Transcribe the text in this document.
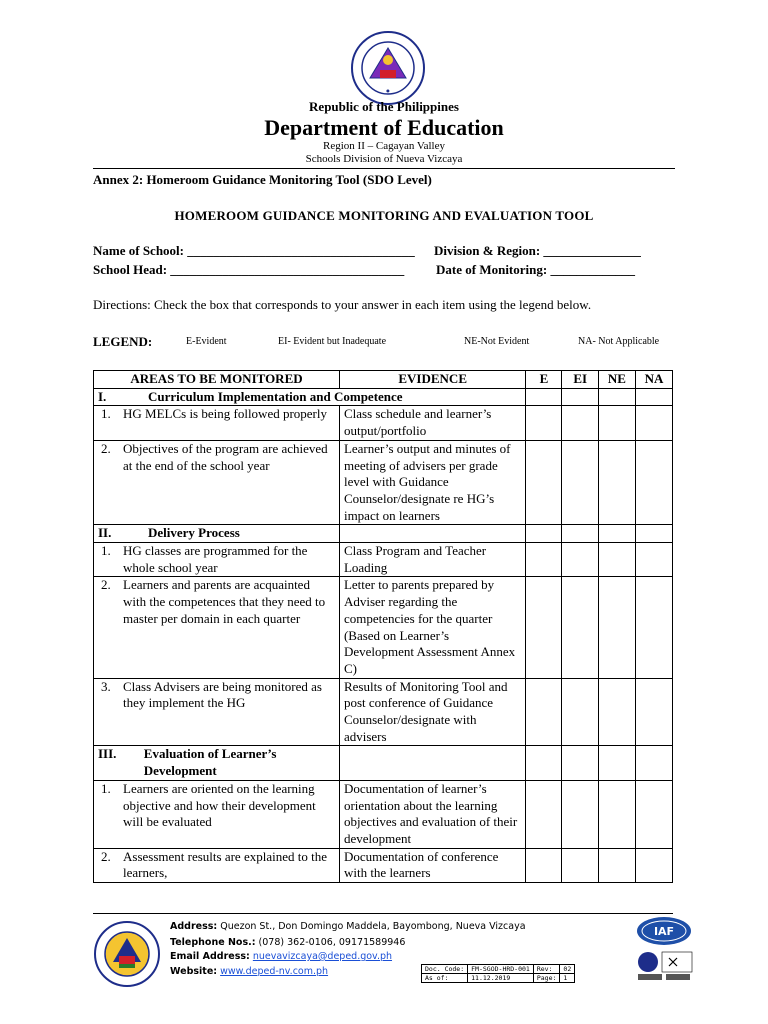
●
Republic of the Philippines
Department of Education
Region II – Cagayan Valley
Schools Division of Nueva Vizcaya
Annex 2: Homeroom Guidance Monitoring Tool (SDO Level)
HOMEROOM GUIDANCE MONITORING AND EVALUATION TOOL
Name of School: ___________________________________ Division & Region: _______________
School Head: ____________________________________ Date of Monitoring: _____________
Directions: Check the box that corresponds to your answer in each item using the legend below.
LEGEND:	E-Evident	EI- Evident but Inadequate	NE-Not Evident	NA- Not Applicable
AREAS TO BE MONITORED	EVIDENCE	E	EI	NE	NA
I. Curriculum Implementation and Competence					

1. HG MELCs is being followed properly	Class schedule and learner’s output/portfolio				

2. Objectives of the program are achieved at the end of the school year	Learner’s output and minutes of meeting of advisers per grade level with Guidance Counselor/designate re HG’s impact on learners				
II. Delivery Process					

1. HG classes are programmed for the whole school year	Class Program and Teacher Loading				

2. Learners and parents are acquainted with the competences that they need to master per domain in each quarter	Letter to parents prepared by Adviser regarding the competencies for the quarter (Based on Learner’s Development Assessment Annex C)				

3. Class Advisers are being monitored as they implement the HG	Results of Monitoring Tool and post conference of Guidance Counselor/designate with advisers				

III. Evaluation of Learner’s Development					

1. Learners are oriented on the learning objective and how their development will be evaluated	Documentation of learner’s orientation about the learning objectives and evaluation of their development				

2. Assessment results are explained to the learners,	Documentation of conference with the learners				
Address: Quezon St., Don Domingo Maddela, Bayombong, Nueva Vizcaya
Telephone Nos.: (078) 362-0106, 09171589946
Email Address: nuevavizcaya@deped.gov.ph
Website: www.deped-nv.com.ph
IAF
Doc. Code:	FM-SGOD-HRD-001	Rev:	02
As of:	11.12.2019	Page:	1
